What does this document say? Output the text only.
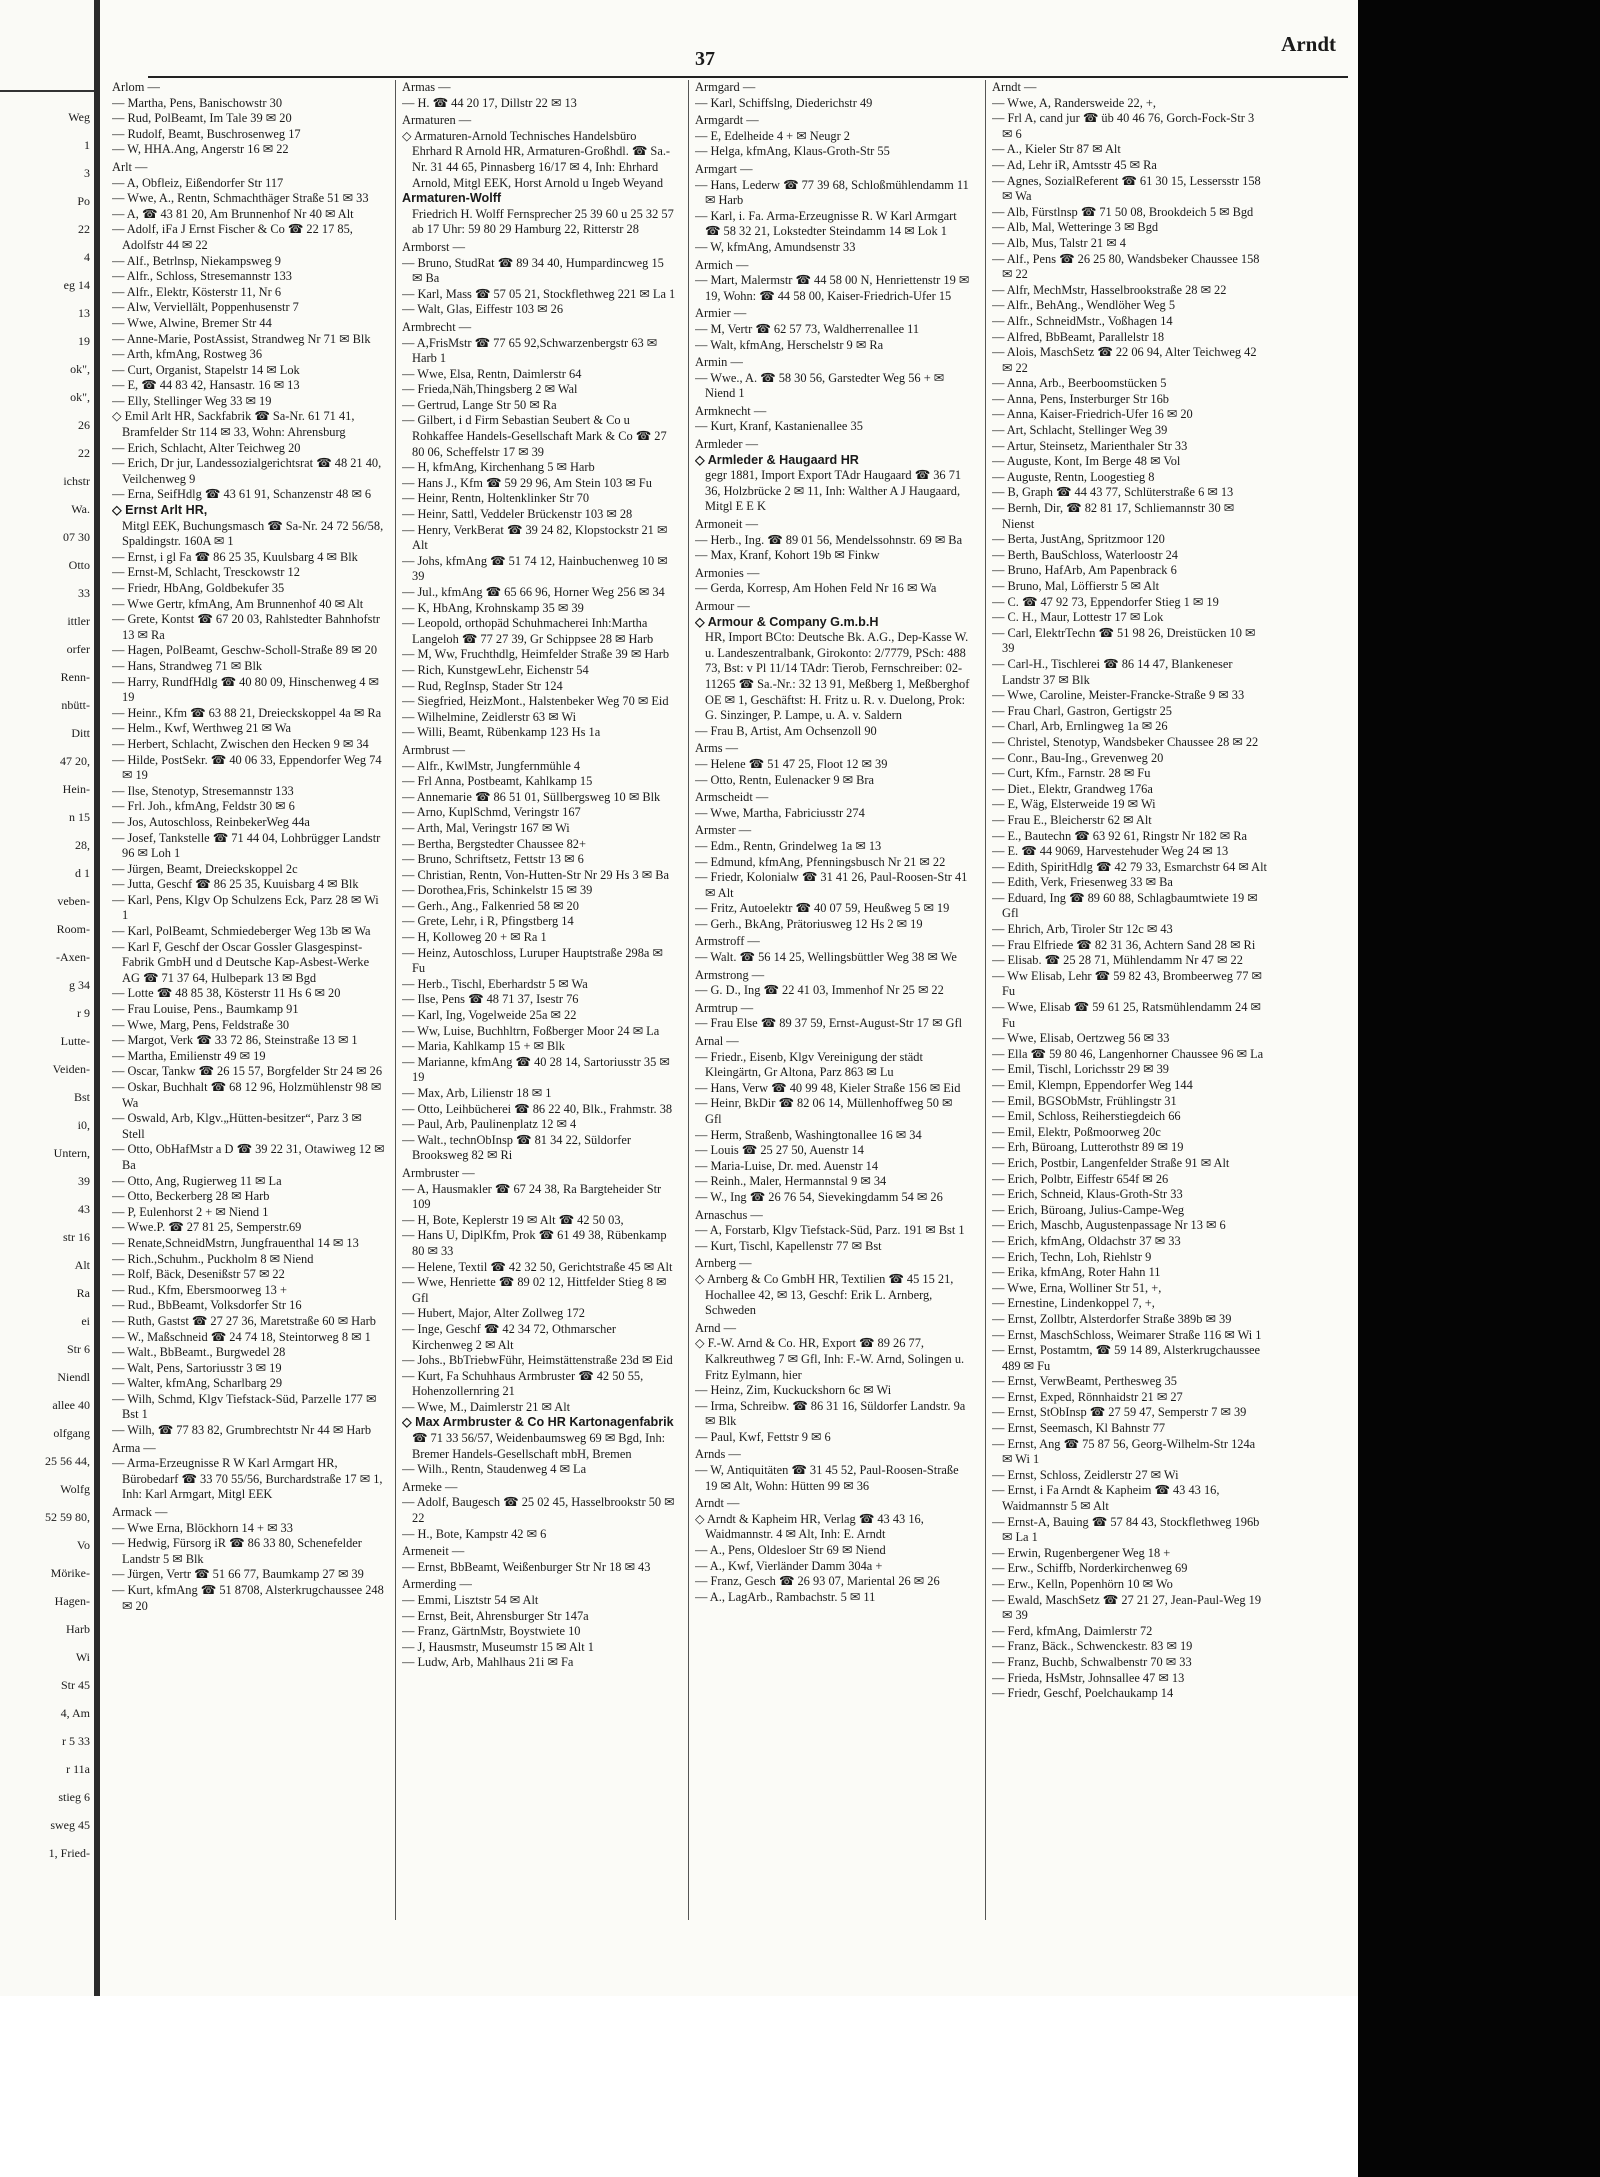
Weg
1
3
Po
22
4
eg 14
13
19
ok",
ok",
26
22
ichstr
Wa.
07 30
Otto
33
ittler
orfer
Renn-
nbütt-
Ditt
47 20,
Hein-
n 15
28,
d 1
veben-
Room-
-Axen-
g 34
r 9
Lutte-
Veiden-
Bst
i0,
Untern,
39
43
str 16
Alt
Ra
ei
Str 6
Niendl
allee 40
olfgang
25 56 44,
Wolfg
52 59 80,
Vo
Mörike-
Hagen-
Harb
Wi
Str 45
4, Am
r 5 33
r 11a
stieg 6
sweg 45
1, Fried-
37
Arndt

Arlom —

— Martha, Pens, Banischowstr 30

— Rud, PolBeamt, Im Tale 39 ✉ 20

— Rudolf, Beamt, Buschrosenweg 17

— W, HHA.Ang, Angerstr 16 ✉ 22

Arlt —

— A, Obfleiz, Eißendorfer Str 117

— Wwe, A., Rentn, Schmachthäger Straße 51 ✉ 33

— A, ☎ 43 81 20, Am Brunnenhof Nr 40 ✉ Alt

— Adolf, iFa J Ernst Fischer & Co ☎ 22 17 85, Adolfstr 44 ✉ 22

— Alf., Betrlnsp, Niekampsweg 9

— Alfr., Schloss, Stresemannstr 133

— Alfr., Elektr, Kösterstr 11, Nr 6

— Alw, Verviellält, Poppenhusenstr 7

— Wwe, Alwine, Bremer Str 44

— Anne-Marie, PostAssist, Strandweg Nr 71 ✉ Blk

— Arth, kfmAng, Rostweg 36

— Curt, Organist, Stapelstr 14 ✉ Lok

— E, ☎ 44 83 42, Hansastr. 16 ✉ 13

— Elly, Stellinger Weg 33 ✉ 19

◇ Emil Arlt HR, Sackfabrik ☎ Sa-Nr. 61 71 41, Bramfelder Str 114 ✉ 33, Wohn: Ahrensburg

— Erich, Schlacht, Alter Teichweg 20

— Erich, Dr jur, Landessozialgerichtsrat ☎ 48 21 40, Veilchenweg 9

— Erna, SeifHdlg ☎ 43 61 91, Schanzenstr 48 ✉ 6

◇ Ernst Arlt HR,

Mitgl EEK, Buchungsmasch ☎ Sa-Nr. 24 72 56/58, Spaldingstr. 160A ✉ 1

— Ernst, i gl Fa ☎ 86 25 35, Kuulsbarg 4 ✉ Blk

— Ernst-M, Schlacht, Tresckowstr 12

— Friedr, HbAng, Goldbekufer 35

— Wwe Gertr, kfmAng, Am Brunnenhof 40 ✉ Alt

— Grete, Kontst ☎ 67 20 03, Rahlstedter Bahnhofstr 13 ✉ Ra

— Hagen, PolBeamt, Geschw-Scholl-Straße 89 ✉ 20

— Hans, Strandweg 71 ✉ Blk

— Harry, RundfHdlg ☎ 40 80 09, Hinschenweg 4 ✉ 19

— Heinr., Kfm ☎ 63 88 21, Dreieckskoppel 4a ✉ Ra

— Helm., Kwf, Werthweg 21 ✉ Wa

— Herbert, Schlacht, Zwischen den Hecken 9 ✉ 34

— Hilde, PostSekr. ☎ 40 06 33, Eppendorfer Weg 74 ✉ 19

— Ilse, Stenotyp, Stresemannstr 133

— Frl. Joh., kfmAng, Feldstr 30 ✉ 6

— Jos, Autoschloss, ReinbekerWeg 44a

— Josef, Tankstelle ☎ 71 44 04, Lohbrügger Landstr 96 ✉ Loh 1

— Jürgen, Beamt, Dreieckskoppel 2c

— Jutta, Geschf ☎ 86 25 35, Kuuisbarg 4 ✉ Blk

— Karl, Pens, Klgv Op Schulzens Eck, Parz 28 ✉ Wi 1

— Karl, PolBeamt, Schmiedeberger Weg 13b ✉ Wa

— Karl F, Geschf der Oscar Gossler Glasgespinst-Fabrik GmbH und d Deutsche Kap-Asbest-Werke AG ☎ 71 37 64, Hulbepark 13 ✉ Bgd

— Lotte ☎ 48 85 38, Kösterstr 11 Hs 6 ✉ 20

— Frau Louise, Pens., Baumkamp 91

— Wwe, Marg, Pens, Feldstraße 30

— Margot, Verk ☎ 33 72 86, Steinstraße 13 ✉ 1

— Martha, Emilienstr 49 ✉ 19

— Oscar, Tankw ☎ 26 15 57, Borgfelder Str 24 ✉ 26

— Oskar, Buchhalt ☎ 68 12 96, Holzmühlenstr 98 ✉ Wa

— Oswald, Arb, Klgv.„Hütten-besitzer“, Parz 3 ✉ Stell

— Otto, ObHafMstr a D ☎ 39 22 31, Otawiweg 12 ✉ Ba

— Otto, Ang, Rugierweg 11 ✉ La

— Otto, Beckerberg 28 ✉ Harb

— P, Eulenhorst 2 + ✉ Niend 1

— Wwe.P. ☎ 27 81 25, Semperstr.69

— Renate,SchneidMstrn, Jungfrauenthal 14 ✉ 13

— Rich.,Schuhm., Puckholm 8 ✉ Niend

— Rolf, Bäck, Desenißstr 57 ✉ 22

— Rud., Kfm, Ebersmoorweg 13 +

— Rud., BbBeamt, Volksdorfer Str 16

— Ruth, Gastst ☎ 27 27 36, Maretstraße 60 ✉ Harb

— W., Maßschneid ☎ 24 74 18, Steintorweg 8 ✉ 1

— Walt., BbBeamt., Burgwedel 28

— Walt, Pens, Sartoriusstr 3 ✉ 19

— Walter, kfmAng, Scharlbarg 29

— Wilh, Schmd, Klgv Tiefstack-Süd, Parzelle 177 ✉ Bst 1

— Wilh, ☎ 77 83 82, Grumbrechtstr Nr 44 ✉ Harb

Arma —

— Arma-Erzeugnisse R W Karl Armgart HR, Bürobedarf ☎ 33 70 55/56, Burchardstraße 17 ✉ 1, Inh: Karl Armgart, Mitgl EEK

Armack —

— Wwe Erna, Blöckhorn 14 + ✉ 33

— Hedwig, Fürsorg iR ☎ 86 33 80, Schenefelder Landstr 5 ✉ Blk

— Jürgen, Vertr ☎ 51 66 77, Baumkamp 27 ✉ 39

— Kurt, kfmAng ☎ 51 8708, Alsterkrugchaussee 248 ✉ 20

Armas —

— H. ☎ 44 20 17, Dillstr 22 ✉ 13

Armaturen —

◇ Armaturen-Arnold Technisches Handelsbüro Ehrhard R Arnold HR, Armaturen-Großhdl. ☎ Sa.-Nr. 31 44 65, Pinnasberg 16/17 ✉ 4, Inh: Ehrhard Arnold, Mitgl EEK, Horst Arnold u Ingeb Weyand

Armaturen-Wolff

Friedrich H. Wolff Fernsprecher 25 39 60 u 25 32 57 ab 17 Uhr: 59 80 29 Hamburg 22, Ritterstr 28

Armborst —

— Bruno, StudRat ☎ 89 34 40, Humpardincweg 15 ✉ Ba

— Karl, Mass ☎ 57 05 21, Stockflethweg 221 ✉ La 1

— Walt, Glas, Eiffestr 103 ✉ 26

Armbrecht —

— A,FrisMstr ☎ 77 65 92,Schwarzenbergstr 63 ✉ Harb 1

— Wwe, Elsa, Rentn, Daimlerstr 64

— Frieda,Näh,Thingsberg 2 ✉ Wal

— Gertrud, Lange Str 50 ✉ Ra

— Gilbert, i d Firm Sebastian Seubert & Co u Rohkaffee Handels-Gesellschaft Mark & Co ☎ 27 80 06, Scheffelstr 17 ✉ 39

— H, kfmAng, Kirchenhang 5 ✉ Harb

— Hans J., Kfm ☎ 59 29 96, Am Stein 103 ✉ Fu

— Heinr, Rentn, Holtenklinker Str 70

— Heinr, Sattl, Veddeler Brückenstr 103 ✉ 28

— Henry, VerkBerat ☎ 39 24 82, Klopstockstr 21 ✉ Alt

— Johs, kfmAng ☎ 51 74 12, Hainbuchenweg 10 ✉ 39

— Jul., kfmAng ☎ 65 66 96, Horner Weg 256 ✉ 34

— K, HbAng, Krohnskamp 35 ✉ 39

— Leopold, orthopäd Schuhmacherei Inh:Martha Langeloh ☎ 77 27 39, Gr Schippsee 28 ✉ Harb

— M, Ww, Fruchthdlg, Heimfelder Straße 39 ✉ Harb

— Rich, KunstgewLehr, Eichenstr 54

— Rud, RegInsp, Stader Str 124

— Siegfried, HeizMont., Halstenbeker Weg 70 ✉ Eid

— Wilhelmine, Zeidlerstr 63 ✉ Wi

— Willi, Beamt, Rübenkamp 123 Hs 1a

Armbrust —

— Alfr., KwlMstr, Jungfernmühle 4

— Frl Anna, Postbeamt, Kahlkamp 15

— Annemarie ☎ 86 51 01, Süllbergsweg 10 ✉ Blk

— Arno, KuplSchmd, Veringstr 167

— Arth, Mal, Veringstr 167 ✉ Wi

— Bertha, Bergstedter Chaussee 82+

— Bruno, Schriftsetz, Fettstr 13 ✉ 6

— Christian, Rentn, Von-Hutten-Str Nr 29 Hs 3 ✉ Ba

— Dorothea,Fris, Schinkelstr 15 ✉ 39

— Gerh., Ang., Falkenried 58 ✉ 20

— Grete, Lehr, i R, Pfingstberg 14

— H, Kolloweg 20 + ✉ Ra 1

— Heinz, Autoschloss, Luruper Hauptstraße 298a ✉ Fu

— Herb., Tischl, Eberhardstr 5 ✉ Wa

— Ilse, Pens ☎ 48 71 37, Isestr 76

— Karl, Ing, Vogelweide 25a ✉ 22

— Ww, Luise, Buchhltrn, Foßberger Moor 24 ✉ La

— Maria, Kahlkamp 15 + ✉ Blk

— Marianne, kfmAng ☎ 40 28 14, Sartoriusstr 35 ✉ 19

— Max, Arb, Lilienstr 18 ✉ 1

— Otto, Leihbücherei ☎ 86 22 40, Blk., Frahmstr. 38

— Paul, Arb, Paulinenplatz 12 ✉ 4

— Walt., technObInsp ☎ 81 34 22, Süldorfer Brooksweg 82 ✉ Ri

Armbruster —

— A, Hausmakler ☎ 67 24 38, Ra Bargteheider Str 109

— H, Bote, Keplerstr 19 ✉ Alt ☎ 42 50 03,

— Hans U, DiplKfm, Prok ☎ 61 49 38, Rübenkamp 80 ✉ 33

— Helene, Textil ☎ 42 32 50, Gerichtstraße 45 ✉ Alt

— Wwe, Henriette ☎ 89 02 12, Hittfelder Stieg 8 ✉ Gfl

— Hubert, Major, Alter Zollweg 172

— Inge, Geschf ☎ 42 34 72, Othmarscher Kirchenweg 2 ✉ Alt

— Johs., BbTriebwFühr, Heimstättenstraße 23d ✉ Eid

— Kurt, Fa Schuhhaus Armbruster ☎ 42 50 55, Hohenzollernring 21

— Wwe, M., Daimlerstr 21 ✉ Alt

◇ Max Armbruster & Co HR Kartonagenfabrik

☎ 71 33 56/57, Weidenbaumsweg 69 ✉ Bgd, Inh: Bremer Handels-Gesellschaft mbH, Bremen

— Wilh., Rentn, Staudenweg 4 ✉ La

Armeke —

— Adolf, Baugesch ☎ 25 02 45, Hasselbrookstr 50 ✉ 22

— H., Bote, Kampstr 42 ✉ 6

Armeneit —

— Ernst, BbBeamt, Weißenburger Str Nr 18 ✉ 43

Armerding —

— Emmi, Lisztstr 54 ✉ Alt

— Ernst, Beit, Ahrensburger Str 147a

— Franz, GärtnMstr, Boystwiete 10

— J, Hausmstr, Museumstr 15 ✉ Alt 1

— Ludw, Arb, Mahlhaus 21i ✉ Fa

Armgard —

— Karl, Schiffslng, Diederichstr 49

Armgardt —

— E, Edelheide 4 + ✉ Neugr 2

— Helga, kfmAng, Klaus-Groth-Str 55

Armgart —

— Hans, Lederw ☎ 77 39 68, Schloßmühlendamm 11 ✉ Harb

— Karl, i. Fa. Arma-Erzeugnisse R. W Karl Armgart ☎ 58 32 21, Lokstedter Steindamm 14 ✉ Lok 1

— W, kfmAng, Amundsenstr 33

Armich —

— Mart, Malermstr ☎ 44 58 00 N, Henriettenstr 19 ✉ 19, Wohn: ☎ 44 58 00, Kaiser-Friedrich-Ufer 15

Armier —

— M, Vertr ☎ 62 57 73, Waldherrenallee 11

— Walt, kfmAng, Herschelstr 9 ✉ Ra

Armin —

— Wwe., A. ☎ 58 30 56, Garstedter Weg 56 + ✉ Niend 1

Armknecht —

— Kurt, Kranf, Kastanienallee 35

Armleder —

◇ Armleder & Haugaard HR

gegr 1881, Import Export TAdr Haugaard ☎ 36 71 36, Holzbrücke 2 ✉ 11, Inh: Walther A J Haugaard, Mitgl E E K

Armoneit —

— Herb., Ing. ☎ 89 01 56, Mendelssohnstr. 69 ✉ Ba

— Max, Kranf, Kohort 19b ✉ Finkw

Armonies —

— Gerda, Korresp, Am Hohen Feld Nr 16 ✉ Wa

Armour —

◇ Armour & Company G.m.b.H

HR, Import BCto: Deutsche Bk. A.G., Dep-Kasse W. u. Landeszentralbank, Girokonto: 2/7779, PSch: 488 73, Bst: v Pl 11/14 TAdr: Tierob, Fernschreiber: 02-11265 ☎ Sa.-Nr.: 32 13 91, Meßberg 1, Meßberghof OE ✉ 1, Geschäftst: H. Fritz u. R. v. Duelong, Prok: G. Sinzinger, P. Lampe, u. A. v. Saldern

— Frau B, Artist, Am Ochsenzoll 90

Arms —

— Helene ☎ 51 47 25, Floot 12 ✉ 39

— Otto, Rentn, Eulenacker 9 ✉ Bra

Armscheidt —

— Wwe, Martha, Fabriciusstr 274

Armster —

— Edm., Rentn, Grindelweg 1a ✉ 13

— Edmund, kfmAng, Pfenningsbusch Nr 21 ✉ 22

— Friedr, Kolonialw ☎ 31 41 26, Paul-Roosen-Str 41 ✉ Alt

— Fritz, Autoelektr ☎ 40 07 59, Heußweg 5 ✉ 19

— Gerh., BkAng, Prätoriusweg 12 Hs 2 ✉ 19

Armstroff —

— Walt. ☎ 56 14 25, Wellingsbüttler Weg 38 ✉ We

Armstrong —

— G. D., Ing ☎ 22 41 03, Immenhof Nr 25 ✉ 22

Armtrup —

— Frau Else ☎ 89 37 59, Ernst-August-Str 17 ✉ Gfl

Arnal —

— Friedr., Eisenb, Klgv Vereinigung der städt Kleingärtn, Gr Altona, Parz 863 ✉ Lu

— Hans, Verw ☎ 40 99 48, Kieler Straße 156 ✉ Eid

— Heinr, BkDir ☎ 82 06 14, Müllenhoffweg 50 ✉ Gfl

— Herm, Straßenb, Washingtonallee 16 ✉ 34

— Louis ☎ 25 27 50, Auenstr 14

— Maria-Luise, Dr. med. Auenstr 14

— Reinh., Maler, Hermannstal 9 ✉ 34

— W., Ing ☎ 26 76 54, Sievekingdamm 54 ✉ 26

Arnaschus —

— A, Forstarb, Klgv Tiefstack-Süd, Parz. 191 ✉ Bst 1

— Kurt, Tischl, Kapellenstr 77 ✉ Bst

Arnberg —

◇ Arnberg & Co GmbH HR, Textilien ☎ 45 15 21, Hochallee 42, ✉ 13, Geschf: Erik L. Arnberg, Schweden

Arnd —

◇ F.-W. Arnd & Co. HR, Export ☎ 89 26 77, Kalkreuthweg 7 ✉ Gfl, Inh: F.-W. Arnd, Solingen u. Fritz Eylmann, hier

— Heinz, Zim, Kuckuckshorn 6c ✉ Wi

— Irma, Schreibw. ☎ 86 31 16, Süldorfer Landstr. 9a ✉ Blk

— Paul, Kwf, Fettstr 9 ✉ 6

Arnds —

— W, Antiquitäten ☎ 31 45 52, Paul-Roosen-Straße 19 ✉ Alt, Wohn: Hütten 99 ✉ 36

Arndt —

◇ Arndt & Kapheim HR, Verlag ☎ 43 43 16, Waidmannstr. 4 ✉ Alt, Inh: E. Arndt

— A., Pens, Oldesloer Str 69 ✉ Niend

— A., Kwf, Vierländer Damm 304a +

— Franz, Gesch ☎ 26 93 07, Mariental 26 ✉ 26

— A., LagArb., Rambachstr. 5 ✉ 11

Arndt —

— Wwe, A, Randersweide 22, +,

— Frl A, cand jur ☎ üb 40 46 76, Gorch-Fock-Str 3 ✉ 6

— A., Kieler Str 87 ✉ Alt

— Ad, Lehr iR, Amtsstr 45 ✉ Ra

— Agnes, SozialReferent ☎ 61 30 15, Lessersstr 158 ✉ Wa

— Alb, Fürstlnsp ☎ 71 50 08, Brookdeich 5 ✉ Bgd

— Alb, Mal, Wetteringe 3 ✉ Bgd

— Alb, Mus, Talstr 21 ✉ 4

— Alf., Pens ☎ 26 25 80, Wandsbeker Chaussee 158 ✉ 22

— Alfr, MechMstr, Hasselbrookstraße 28 ✉ 22

— Alfr., BehAng., Wendlöher Weg 5

— Alfr., SchneidMstr., Voßhagen 14

— Alfred, BbBeamt, Parallelstr 18

— Alois, MaschSetz ☎ 22 06 94, Alter Teichweg 42 ✉ 22

— Anna, Arb., Beerboomstücken 5

— Anna, Pens, Insterburger Str 16b

— Anna, Kaiser-Friedrich-Ufer 16 ✉ 20

— Art, Schlacht, Stellinger Weg 39

— Artur, Steinsetz, Marienthaler Str 33

— Auguste, Kont, Im Berge 48 ✉ Vol

— Auguste, Rentn, Loogestieg 8

— B, Graph ☎ 44 43 77, Schlüterstraße 6 ✉ 13

— Bernh, Dir, ☎ 82 81 17, Schliemannstr 30 ✉ Nienst

— Berta, JustAng, Spritzmoor 120

— Berth, BauSchloss, Waterloostr 24

— Bruno, HafArb, Am Papenbrack 6

— Bruno, Mal, Löffierstr 5 ✉ Alt

— C. ☎ 47 92 73, Eppendorfer Stieg 1 ✉ 19

— C. H., Maur, Lottestr 17 ✉ Lok

— Carl, ElektrTechn ☎ 51 98 26, Dreistücken 10 ✉ 39

— Carl-H., Tischlerei ☎ 86 14 47, Blankeneser Landstr 37 ✉ Blk

— Wwe, Caroline, Meister-Francke-Straße 9 ✉ 33

— Frau Charl, Gastron, Gertigstr 25

— Charl, Arb, Ernlingweg 1a ✉ 26

— Christel, Stenotyp, Wandsbeker Chaussee 28 ✉ 22

— Conr., Bau-Ing., Grevenweg 20

— Curt, Kfm., Farnstr. 28 ✉ Fu

— Diet., Elektr, Grandweg 176a

— E, Wäg, Elsterweide 19 ✉ Wi

— Frau E., Bleicherstr 62 ✉ Alt

— E., Bautechn ☎ 63 92 61, Ringstr Nr 182 ✉ Ra

— E. ☎ 44 9069, Harvestehuder Weg 24 ✉ 13

— Edith, SpiritHdlg ☎ 42 79 33, Esmarchstr 64 ✉ Alt

— Edith, Verk, Friesenweg 33 ✉ Ba

— Eduard, Ing ☎ 89 60 88, Schlagbaumtwiete 19 ✉ Gfl

— Ehrich, Arb, Tiroler Str 12c ✉ 43

— Frau Elfriede ☎ 82 31 36, Achtern Sand 28 ✉ Ri

— Elisab. ☎ 25 28 71, Mühlendamm Nr 47 ✉ 22

— Ww Elisab, Lehr ☎ 59 82 43, Brombeerweg 77 ✉ Fu

— Wwe, Elisab ☎ 59 61 25, Ratsmühlendamm 24 ✉ Fu

— Wwe, Elisab, Oertzweg 56 ✉ 33

— Ella ☎ 59 80 46, Langenhorner Chaussee 96 ✉ La

— Emil, Tischl, Lorichsstr 29 ✉ 39

— Emil, Klempn, Eppendorfer Weg 144

— Emil, BGSObMstr, Frühlingstr 31

— Emil, Schloss, Reiherstiegdeich 66

— Emil, Elektr, Poßmoorweg 20c

— Erh, Büroang, Lutterothstr 89 ✉ 19

— Erich, Postbir, Langenfelder Straße 91 ✉ Alt

— Erich, Polbtr, Eiffestr 654f ✉ 26

— Erich, Schneid, Klaus-Groth-Str 33

— Erich, Büroang, Julius-Campe-Weg

— Erich, Maschb, Augustenpassage Nr 13 ✉ 6

— Erich, kfmAng, Oldachstr 37 ✉ 33

— Erich, Techn, Loh, Riehlstr 9

— Erika, kfmAng, Roter Hahn 11

— Wwe, Erna, Wolliner Str 51, +,

— Ernestine, Lindenkoppel 7, +,

— Ernst, Zollbtr, Alsterdorfer Straße 389b ✉ 39

— Ernst, MaschSchloss, Weimarer Straße 116 ✉ Wi 1

— Ernst, Postamtm, ☎ 59 14 89, Alsterkrugchaussee 489 ✉ Fu

— Ernst, VerwBeamt, Perthesweg 35

— Ernst, Exped, Rönnhaidstr 21 ✉ 27

— Ernst, StObInsp ☎ 27 59 47, Semperstr 7 ✉ 39

— Ernst, Seemasch, Kl Bahnstr 77

— Ernst, Ang ☎ 75 87 56, Georg-Wilhelm-Str 124a ✉ Wi 1

— Ernst, Schloss, Zeidlerstr 27 ✉ Wi

— Ernst, i Fa Arndt & Kapheim ☎ 43 43 16, Waidmannstr 5 ✉ Alt

— Ernst-A, Bauing ☎ 57 84 43, Stockflethweg 196b ✉ La 1

— Erwin, Rugenbergener Weg 18 +

— Erw., Schiffb, Norderkirchenweg 69

— Erw., Kelln, Popenhörn 10 ✉ Wo

— Ewald, MaschSetz ☎ 27 21 27, Jean-Paul-Weg 19 ✉ 39

— Ferd, kfmAng, Daimlerstr 72

— Franz, Bäck., Schwenckestr. 83 ✉ 19

— Franz, Buchb, Schwalbenstr 70 ✉ 33

— Frieda, HsMstr, Johnsallee 47 ✉ 13

— Friedr, Geschf, Poelchaukamp 14
